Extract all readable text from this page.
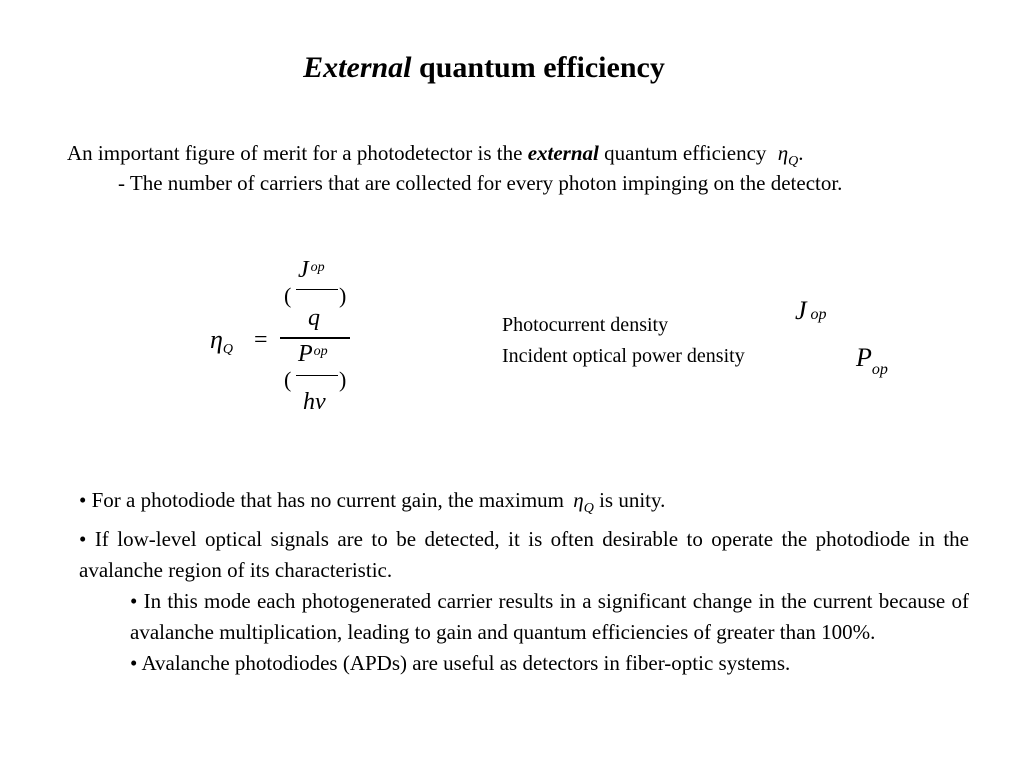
External quantum efficiency
An important figure of merit for a photodetector is the external quantum efficiency $\eta_Q$.
- The number of carriers that are collected for every photon impinging on the detector.
$\eta_Q$ =
(
J $^{op}$
)
q
$P^{op}$
( )
hν
Photocurrent density
Incident optical power density
Jop
Pop

• For a photodiode that has no current gain, the maximum $\eta_Q$ is unity.

• If low-level optical signals are to be detected, it is often desirable to operate the photodiode in the avalanche region of its characteristic.

• In this mode each photogenerated carrier results in a significant change in the current because of avalanche multiplication, leading to gain and quantum efficiencies of greater than 100%.

• Avalanche photodiodes (APDs) are useful as detectors in fiber-optic systems.
